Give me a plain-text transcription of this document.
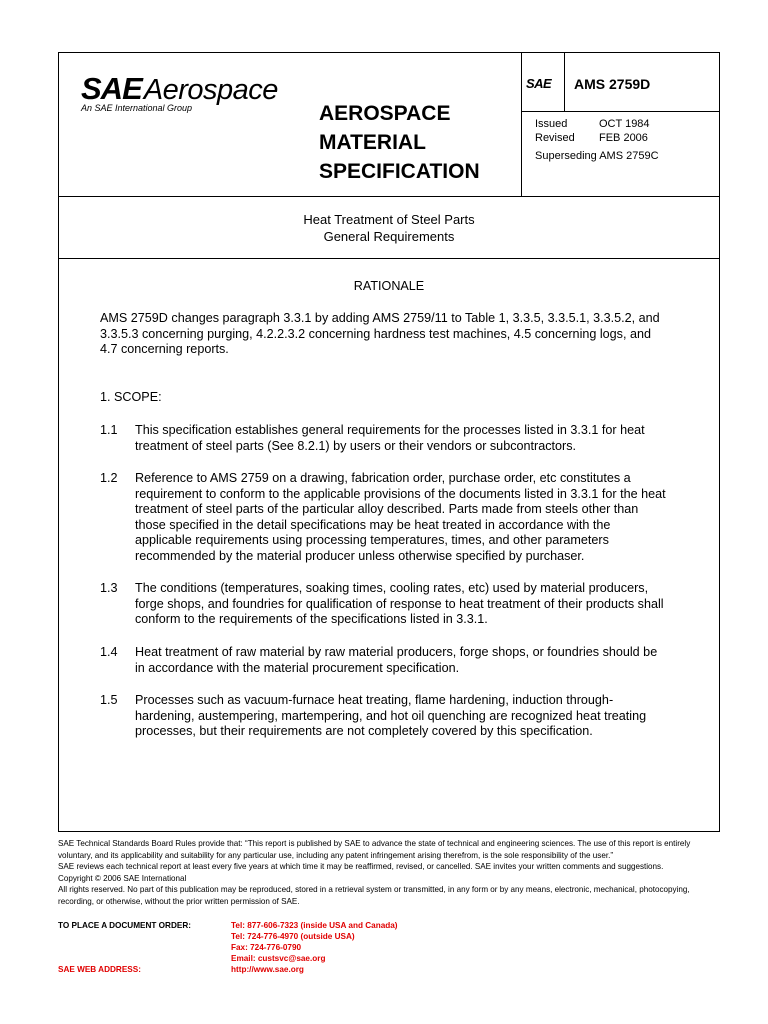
SAEAerospace
An SAE International Group	AEROSPACE
MATERIAL
SPECIFICATION
SAE AMS 2759D
Issued	OCT 1984
Revised FEB 2006
Superseding AMS 2759C
Heat Treatment of Steel Parts
General Requirements
RATIONALE
AMS 2759D changes paragraph 3.3.1 by adding AMS 2759/11 to Table 1, 3.3.5, 3.3.5.1, 3.3.5.2, and
3.3.5.3 concerning purging, 4.2.2.3.2 concerning hardness test machines, 4.5 concerning logs, and
4.7 concerning reports.
1. SCOPE:
1.1 This specification establishes general requirements for the processes listed in 3.3.1 for heat
treatment of steel parts (See 8.2.1) by users or their vendors or subcontractors.
1.2 Reference to AMS 2759 on a drawing, fabrication order, purchase order, etc constitutes a
requirement to conform to the applicable provisions of the documents listed in 3.3.1 for the heat
treatment of steel parts of the particular alloy described. Parts made from steels other than
those specified in the detail specifications may be heat treated in accordance with the
applicable requirements using processing temperatures, times, and other parameters
recommended by the material producer unless otherwise specified by purchaser.
1.3 The conditions (temperatures, soaking times, cooling rates, etc) used by material producers,
forge shops, and foundries for qualification of response to heat treatment of their products shall
conform to the requirements of the specifications listed in 3.3.1.
1.4 Heat treatment of raw material by raw material producers, forge shops, or foundries should be
in accordance with the material procurement specification.
1.5 Processes such as vacuum-furnace heat treating, flame hardening, induction through-
hardening, austempering, martempering, and hot oil quenching are recognized heat treating
processes, but their requirements are not completely covered by this specification.

SAE Technical Standards Board Rules provide that: “This report is published by SAE to advance the state of technical and engineering sciences. The use of this report is entirely

voluntary, and its applicability and suitability for any particular use, including any patent infringement arising therefrom, is the sole responsibility of the user.”

SAE reviews each technical report at least every five years at which time it may be reaffirmed, revised, or cancelled. SAE invites your written comments and suggestions.

Copyright © 2006 SAE International

All rights reserved. No part of this publication may be reproduced, stored in a retrieval system or transmitted, in any form or by any means, electronic, mechanical, photocopying,

recording, or otherwise, without the prior written permission of SAE.

TO PLACE A DOCUMENT ORDER:	Tel: 877-606-7323 (inside USA and Canada)
Tel: 724-776-4970 (outside USA)
Fax: 724-776-0790
Email: custsvc@sae.org
SAE WEB ADDRESS:	http://www.sae.org
